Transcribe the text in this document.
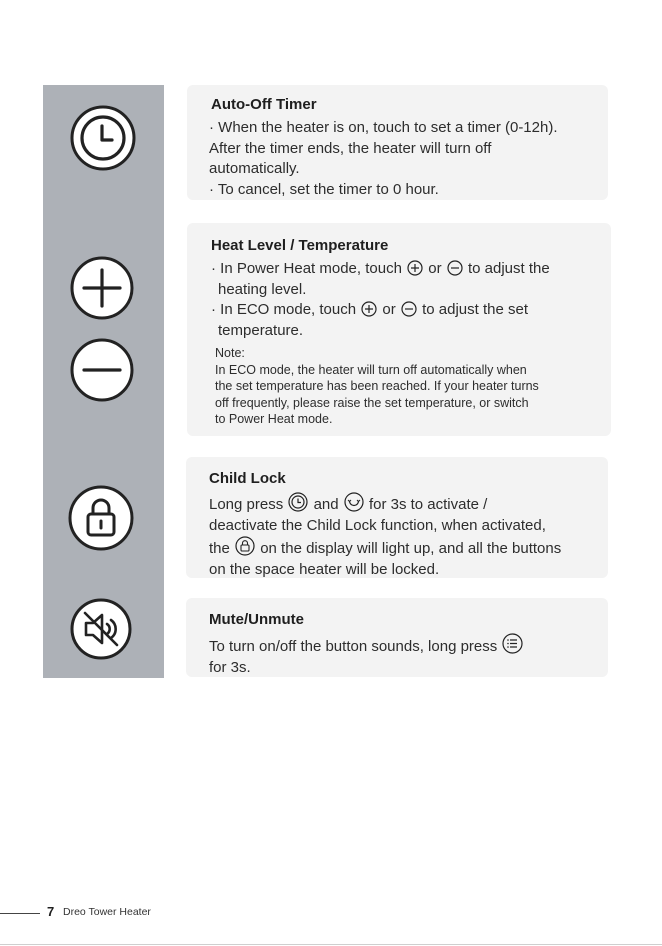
Auto-Off Timer
· When the heater is on, touch to set a timer (0-12h).
After the timer ends, the heater will turn off
automatically.
· To cancel, set the timer to 0 hour.
Heat Level / Temperature
· In Power Heat mode, touch or to adjust the
heating level.
· In ECO mode, touch or to adjust the set
temperature.
Note:
In ECO mode, the heater will turn off automatically when
the set temperature has been reached. If your heater turns
off frequently, please raise the set temperature, or switch
to Power Heat mode.
Child Lock
Long press and for 3s to activate /
deactivate the Child Lock function, when activated,
the on the display will light up, and all the buttons
on the space heater will be locked.
Mute/Unmute
To turn on/off the button sounds, long press
for 3s.
7 Dreo Tower Heater
